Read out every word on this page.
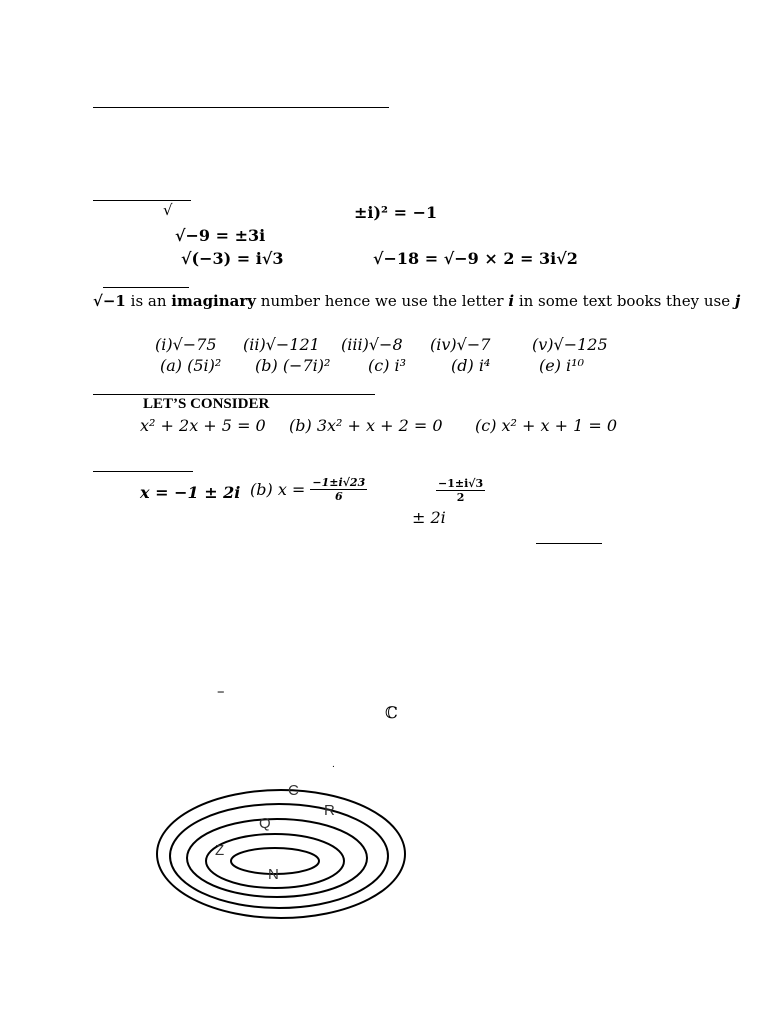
√	±i)² = −1
√−9 = ±3i
√(−3) = i√3	√−18 = √−9 × 2 = 3i√2
√−1 is an imaginary number hence we use the letter i in some text books they use j
(i)√−75 (ii)√−121 (iii)√−8 (iv)√−7	(v)√−125
(a) (5i)² (b) (−7i)² (c) i³	(d) i⁴	(e) i¹⁰
LET’S CONSIDER
x² + 2x + 5 = 0 (b) 3x² + x + 2 = 0 (c) x² + x + 1 = 0
x = −1 ± 2i (b) $x = \frac{-1\pm i√23}{6}$	$\frac{-1\pm i√3}{2}$
± 2i
–
ℂ
.
C
R
Q
Z
N
